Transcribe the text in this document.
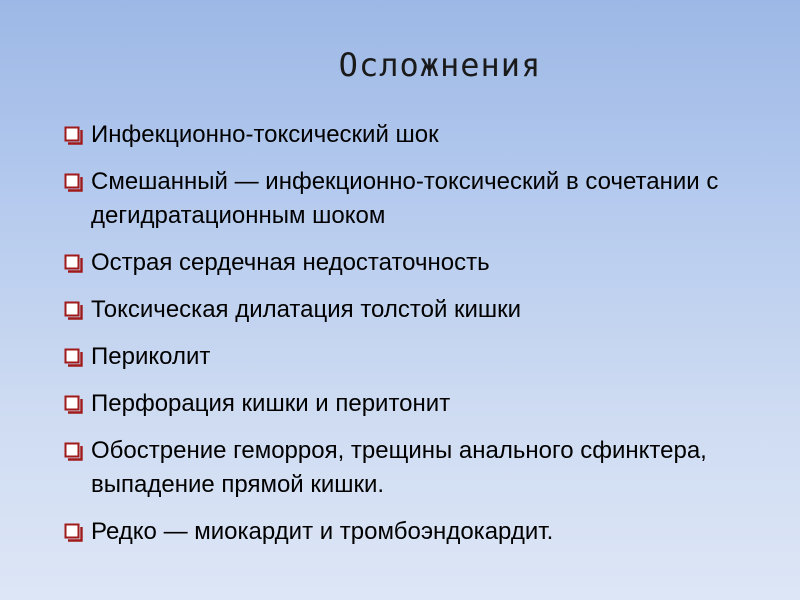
Осложнения
Инфекционно-токсический шок
Смешанный — инфекционно-токсический в сочетании с дегидратационным шоком
Острая сердечная недостаточность
Токсическая дилатация толстой кишки
Периколит
Перфорация кишки и перитонит
Обострение геморроя, трещины анального сфинктера, выпадение прямой кишки.
Редко — миокардит и тромбоэндокардит.
